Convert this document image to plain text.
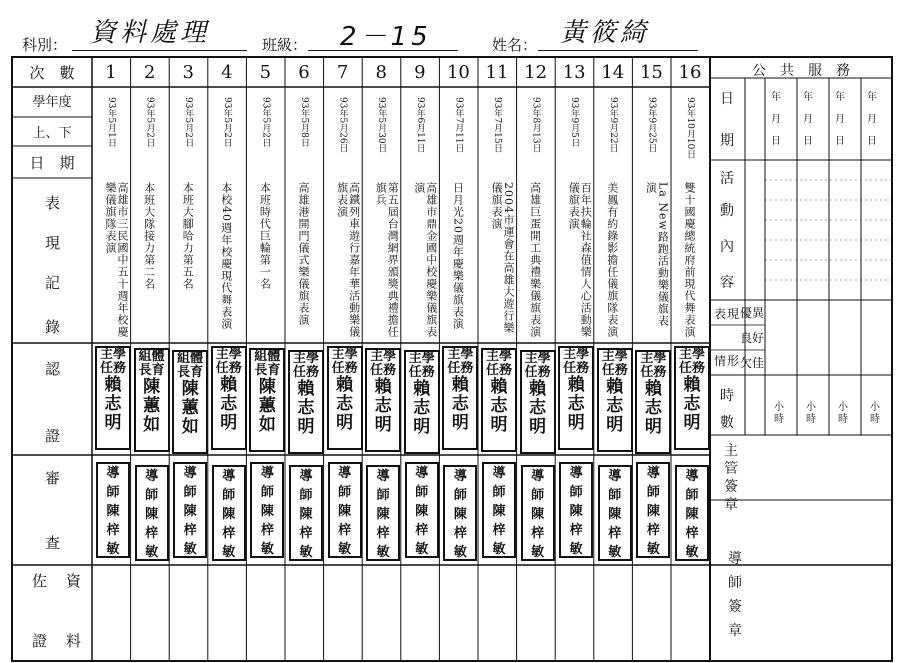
科別： 資料處理	班級： 2－15	姓名： 黃筱綺
次　數
學年度
上、下
日　期
表
現
記
錄
認
證
審
查
佐 資
證 料
1
93年5月1日
高雄市三民國中五十週年校慶樂儀旗隊表演
主學
任務
賴
志
明
導
師
陳
梓
敏
2
93年5月2日
本班大隊接力第二名
組體
長育
陳
蕙
如
導
師
陳
梓
敏
3
93年5月2日
本班大腳哈力第五名
組體
長育
陳
蕙
如
導
師
陳
梓
敏
4
93年5月2日
本校40週年校慶現代舞表演
主學
任務
賴
志
明
導
師
陳
梓
敏
5
93年5月2日
本班時代巨輪第一名
組體
長育
陳
蕙
如
導
師
陳
梓
敏
6
93年5月8日
高雄港開門儀式樂儀旗表演
主學
任務
賴
志
明
導
師
陳
梓
敏
7
93年5月26日
高鐵列車遊行嘉年華活動樂儀旗表演
主學
任務
賴
志
明
導
師
陳
梓
敏
8
93年5月30日
第五屆台灣網界頒獎典禮擔任旗兵
主學
任務
賴
志
明
導
師
陳
梓
敏
9
93年6月11日
高雄市鼎金國中校慶樂儀旗表演
主學
任務
賴
志
明
導
師
陳
梓
敏
10
93年7月11日
日月光20週年慶樂儀旗表演
主學
任務
賴
志
明
導
師
陳
梓
敏
11
93年7月15日
2004市運會在高雄大遊行樂儀旗表演
主學
任務
賴
志
明
導
師
陳
梓
敏
12
93年8月13日
高雄巨蛋開工典禮樂儀旗表演
主學
任務
賴
志
明
導
師
陳
梓
敏
13
93年9月5日
百年扶輪社森值情人心活動樂儀旗表演
主學
任務
賴
志
明
導
師
陳
梓
敏
14
93年9月22日
美鳳有約錄影擔任儀旗隊表演
主學
任務
賴
志
明
導
師
陳
梓
敏
15
93年9月25日
La New路跑活動樂儀旗表演
主學
任務
賴
志
明
導
師
陳
梓
敏
16
93年10月10日
雙十國慶總統府前現代舞表演
主學
任務
賴
志
明
導
師
陳
梓
敏
公　共　服　務
日
期
活
動
內
容
表 現
情 形
優異
良好
欠佳
時
數
主
管
簽
章
導
師
簽
章
年
月
日
小時
年
月
日
小時
年
月
日
小時
年
月
日
小時
